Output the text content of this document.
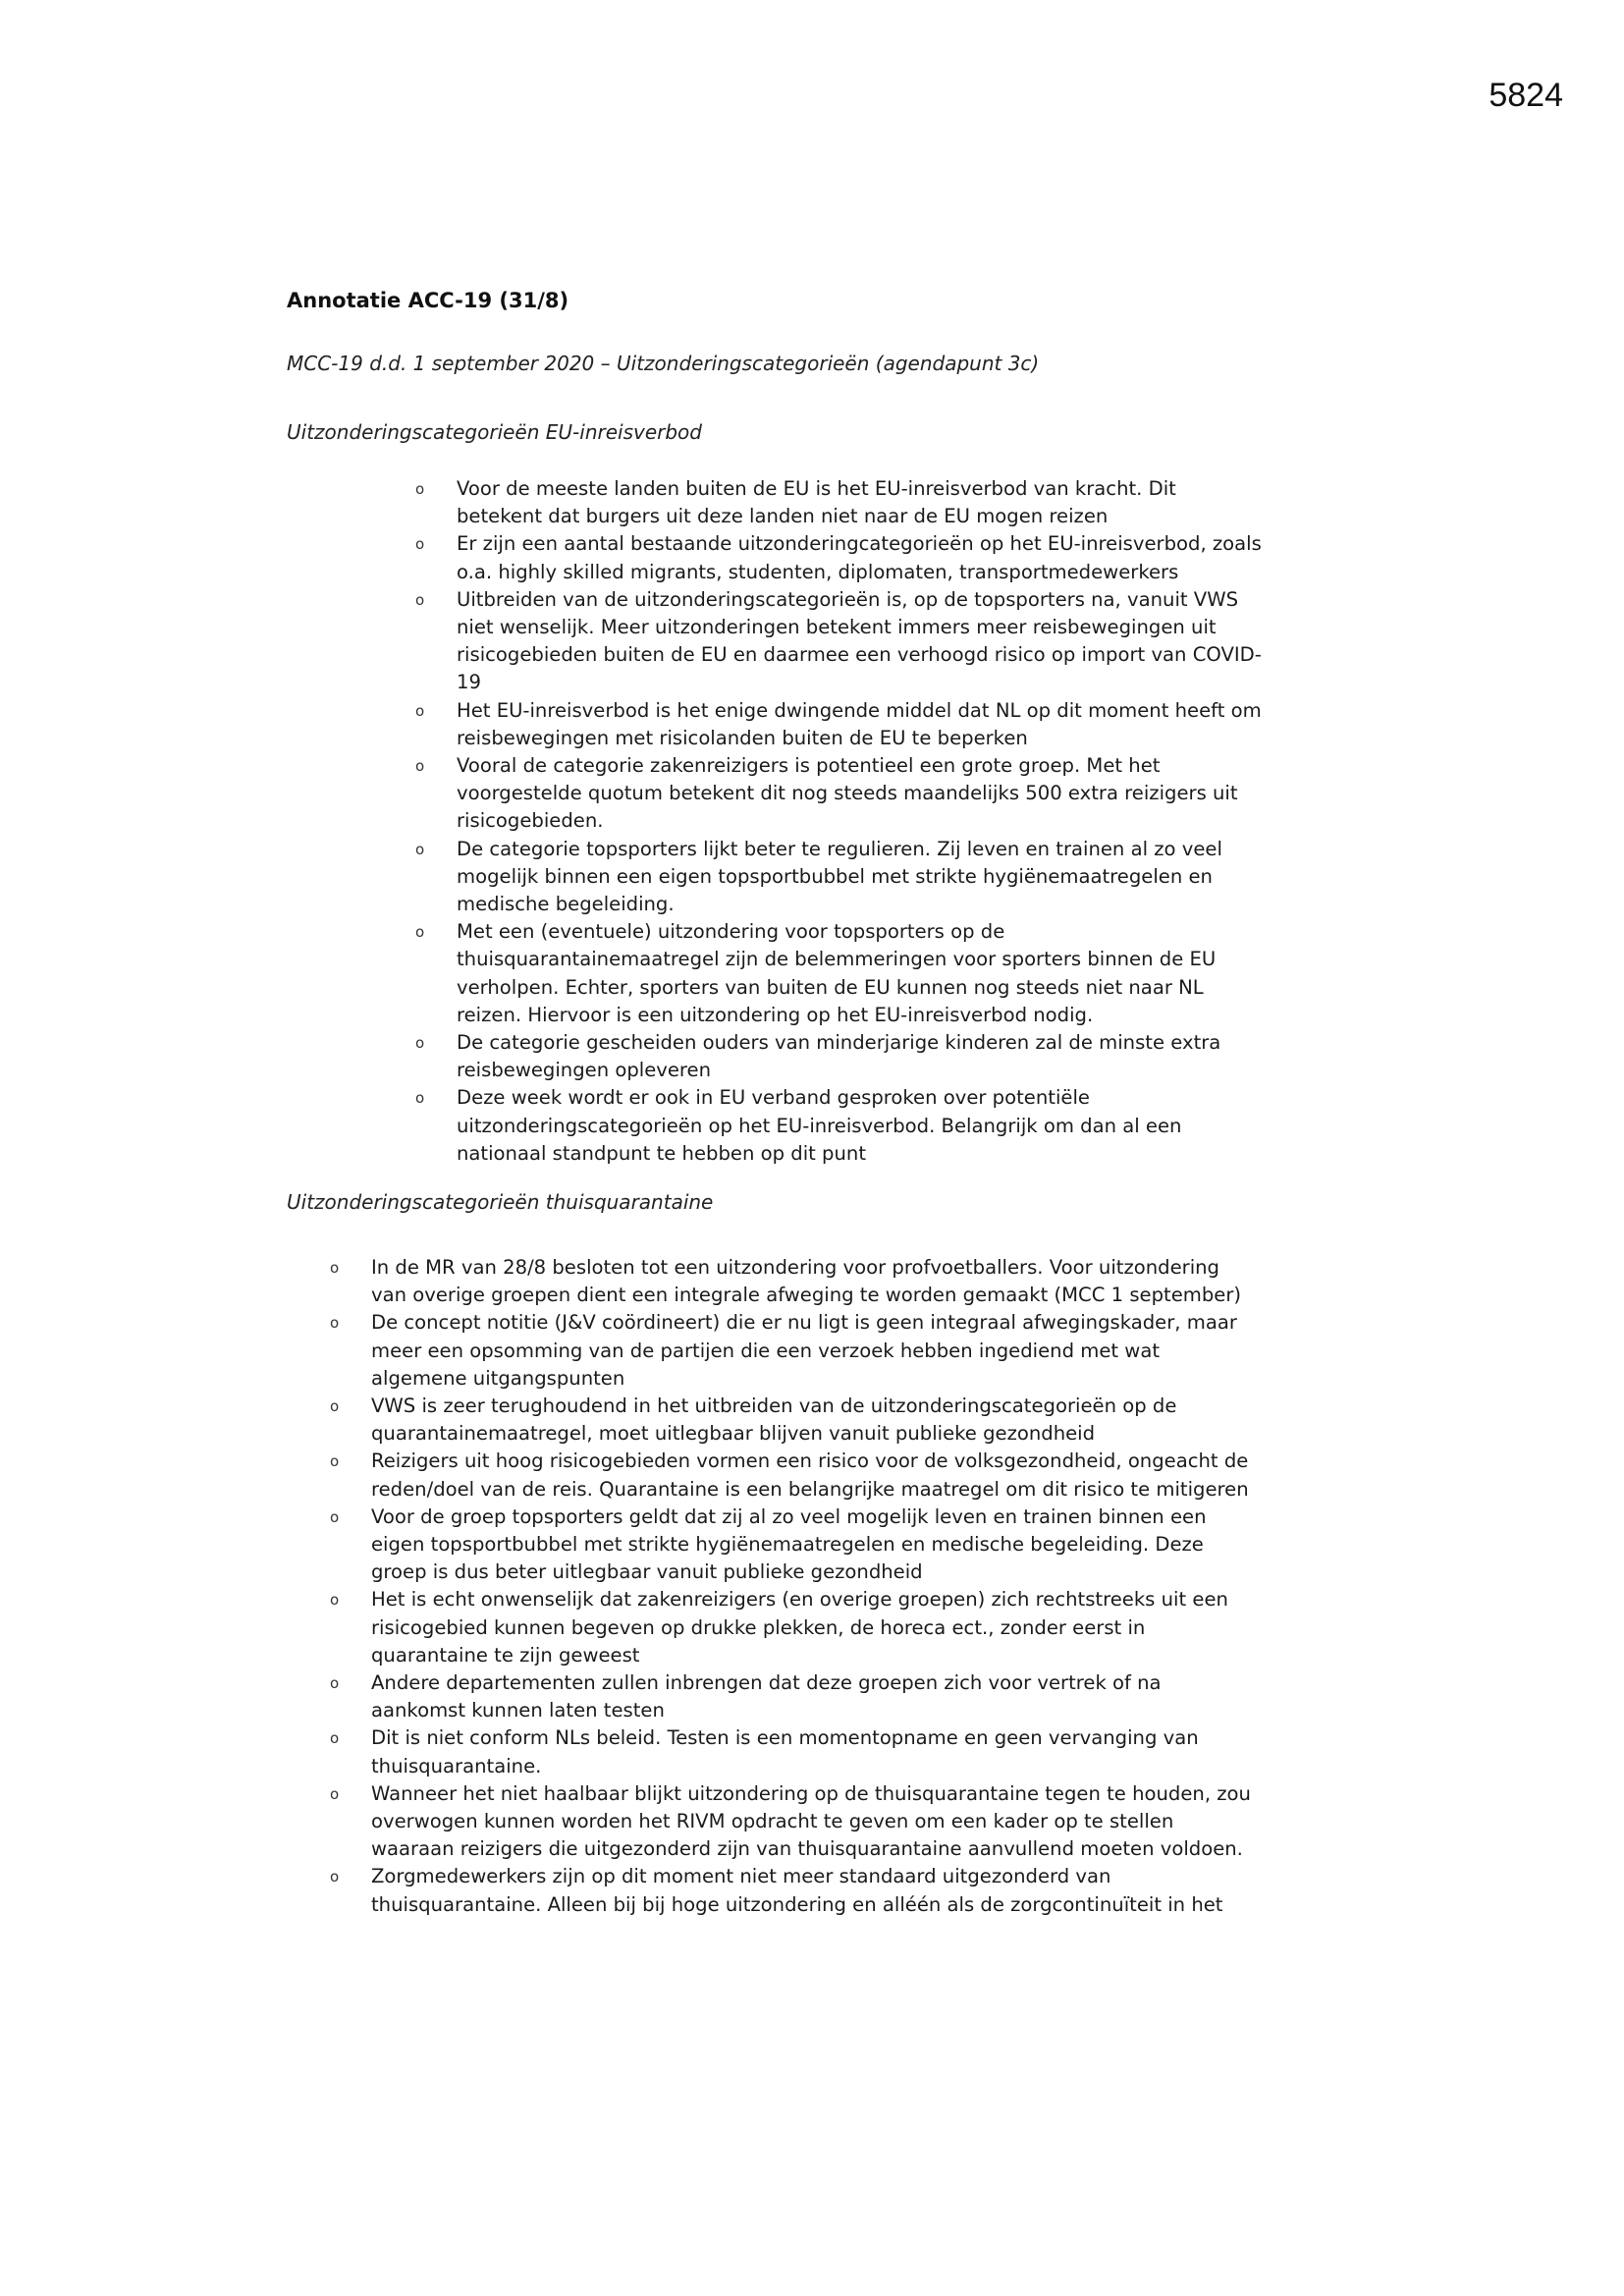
5824
Annotatie ACC-19 (31/8)
MCC-19 d.d. 1 september 2020 – Uitzonderingscategorieën (agendapunt 3c)
Uitzonderingscategorieën EU-inreisverbod
o Voor de meeste landen buiten de EU is het EU-inreisverbod van kracht. Dit
betekent dat burgers uit deze landen niet naar de EU mogen reizen
o Er zijn een aantal bestaande uitzonderingcategorieën op het EU-inreisverbod, zoals
o.a. highly skilled migrants, studenten, diplomaten, transportmedewerkers
o Uitbreiden van de uitzonderingscategorieën is, op de topsporters na, vanuit VWS
niet wenselijk. Meer uitzonderingen betekent immers meer reisbewegingen uit
risicogebieden buiten de EU en daarmee een verhoogd risico op import van COVID-
19
o Het EU-inreisverbod is het enige dwingende middel dat NL op dit moment heeft om
reisbewegingen met risicolanden buiten de EU te beperken
o Vooral de categorie zakenreizigers is potentieel een grote groep. Met het
voorgestelde quotum betekent dit nog steeds maandelijks 500 extra reizigers uit
risicogebieden.
o De categorie topsporters lijkt beter te regulieren. Zij leven en trainen al zo veel
mogelijk binnen een eigen topsportbubbel met strikte hygiënemaatregelen en
medische begeleiding.
o Met een (eventuele) uitzondering voor topsporters op de
thuisquarantainemaatregel zijn de belemmeringen voor sporters binnen de EU
verholpen. Echter, sporters van buiten de EU kunnen nog steeds niet naar NL
reizen. Hiervoor is een uitzondering op het EU-inreisverbod nodig.
o De categorie gescheiden ouders van minderjarige kinderen zal de minste extra
reisbewegingen opleveren
o Deze week wordt er ook in EU verband gesproken over potentiële
uitzonderingscategorieën op het EU-inreisverbod. Belangrijk om dan al een
nationaal standpunt te hebben op dit punt
Uitzonderingscategorieën thuisquarantaine
o In de MR van 28/8 besloten tot een uitzondering voor profvoetballers. Voor uitzondering
van overige groepen dient een integrale afweging te worden gemaakt (MCC 1 september)
o De concept notitie (J&V coördineert) die er nu ligt is geen integraal afwegingskader, maar
meer een opsomming van de partijen die een verzoek hebben ingediend met wat
algemene uitgangspunten
o VWS is zeer terughoudend in het uitbreiden van de uitzonderingscategorieën op de
quarantainemaatregel, moet uitlegbaar blijven vanuit publieke gezondheid
o Reizigers uit hoog risicogebieden vormen een risico voor de volksgezondheid, ongeacht de
reden/doel van de reis. Quarantaine is een belangrijke maatregel om dit risico te mitigeren
o Voor de groep topsporters geldt dat zij al zo veel mogelijk leven en trainen binnen een
eigen topsportbubbel met strikte hygiënemaatregelen en medische begeleiding. Deze
groep is dus beter uitlegbaar vanuit publieke gezondheid
o Het is echt onwenselijk dat zakenreizigers (en overige groepen) zich rechtstreeks uit een
risicogebied kunnen begeven op drukke plekken, de horeca ect., zonder eerst in
quarantaine te zijn geweest
o Andere departementen zullen inbrengen dat deze groepen zich voor vertrek of na
aankomst kunnen laten testen
o Dit is niet conform NLs beleid. Testen is een momentopname en geen vervanging van
thuisquarantaine.
o Wanneer het niet haalbaar blijkt uitzondering op de thuisquarantaine tegen te houden, zou
overwogen kunnen worden het RIVM opdracht te geven om een kader op te stellen
waaraan reizigers die uitgezonderd zijn van thuisquarantaine aanvullend moeten voldoen.
o Zorgmedewerkers zijn op dit moment niet meer standaard uitgezonderd van
thuisquarantaine. Alleen bij bij hoge uitzondering en alléén als de zorgcontinuïteit in het
